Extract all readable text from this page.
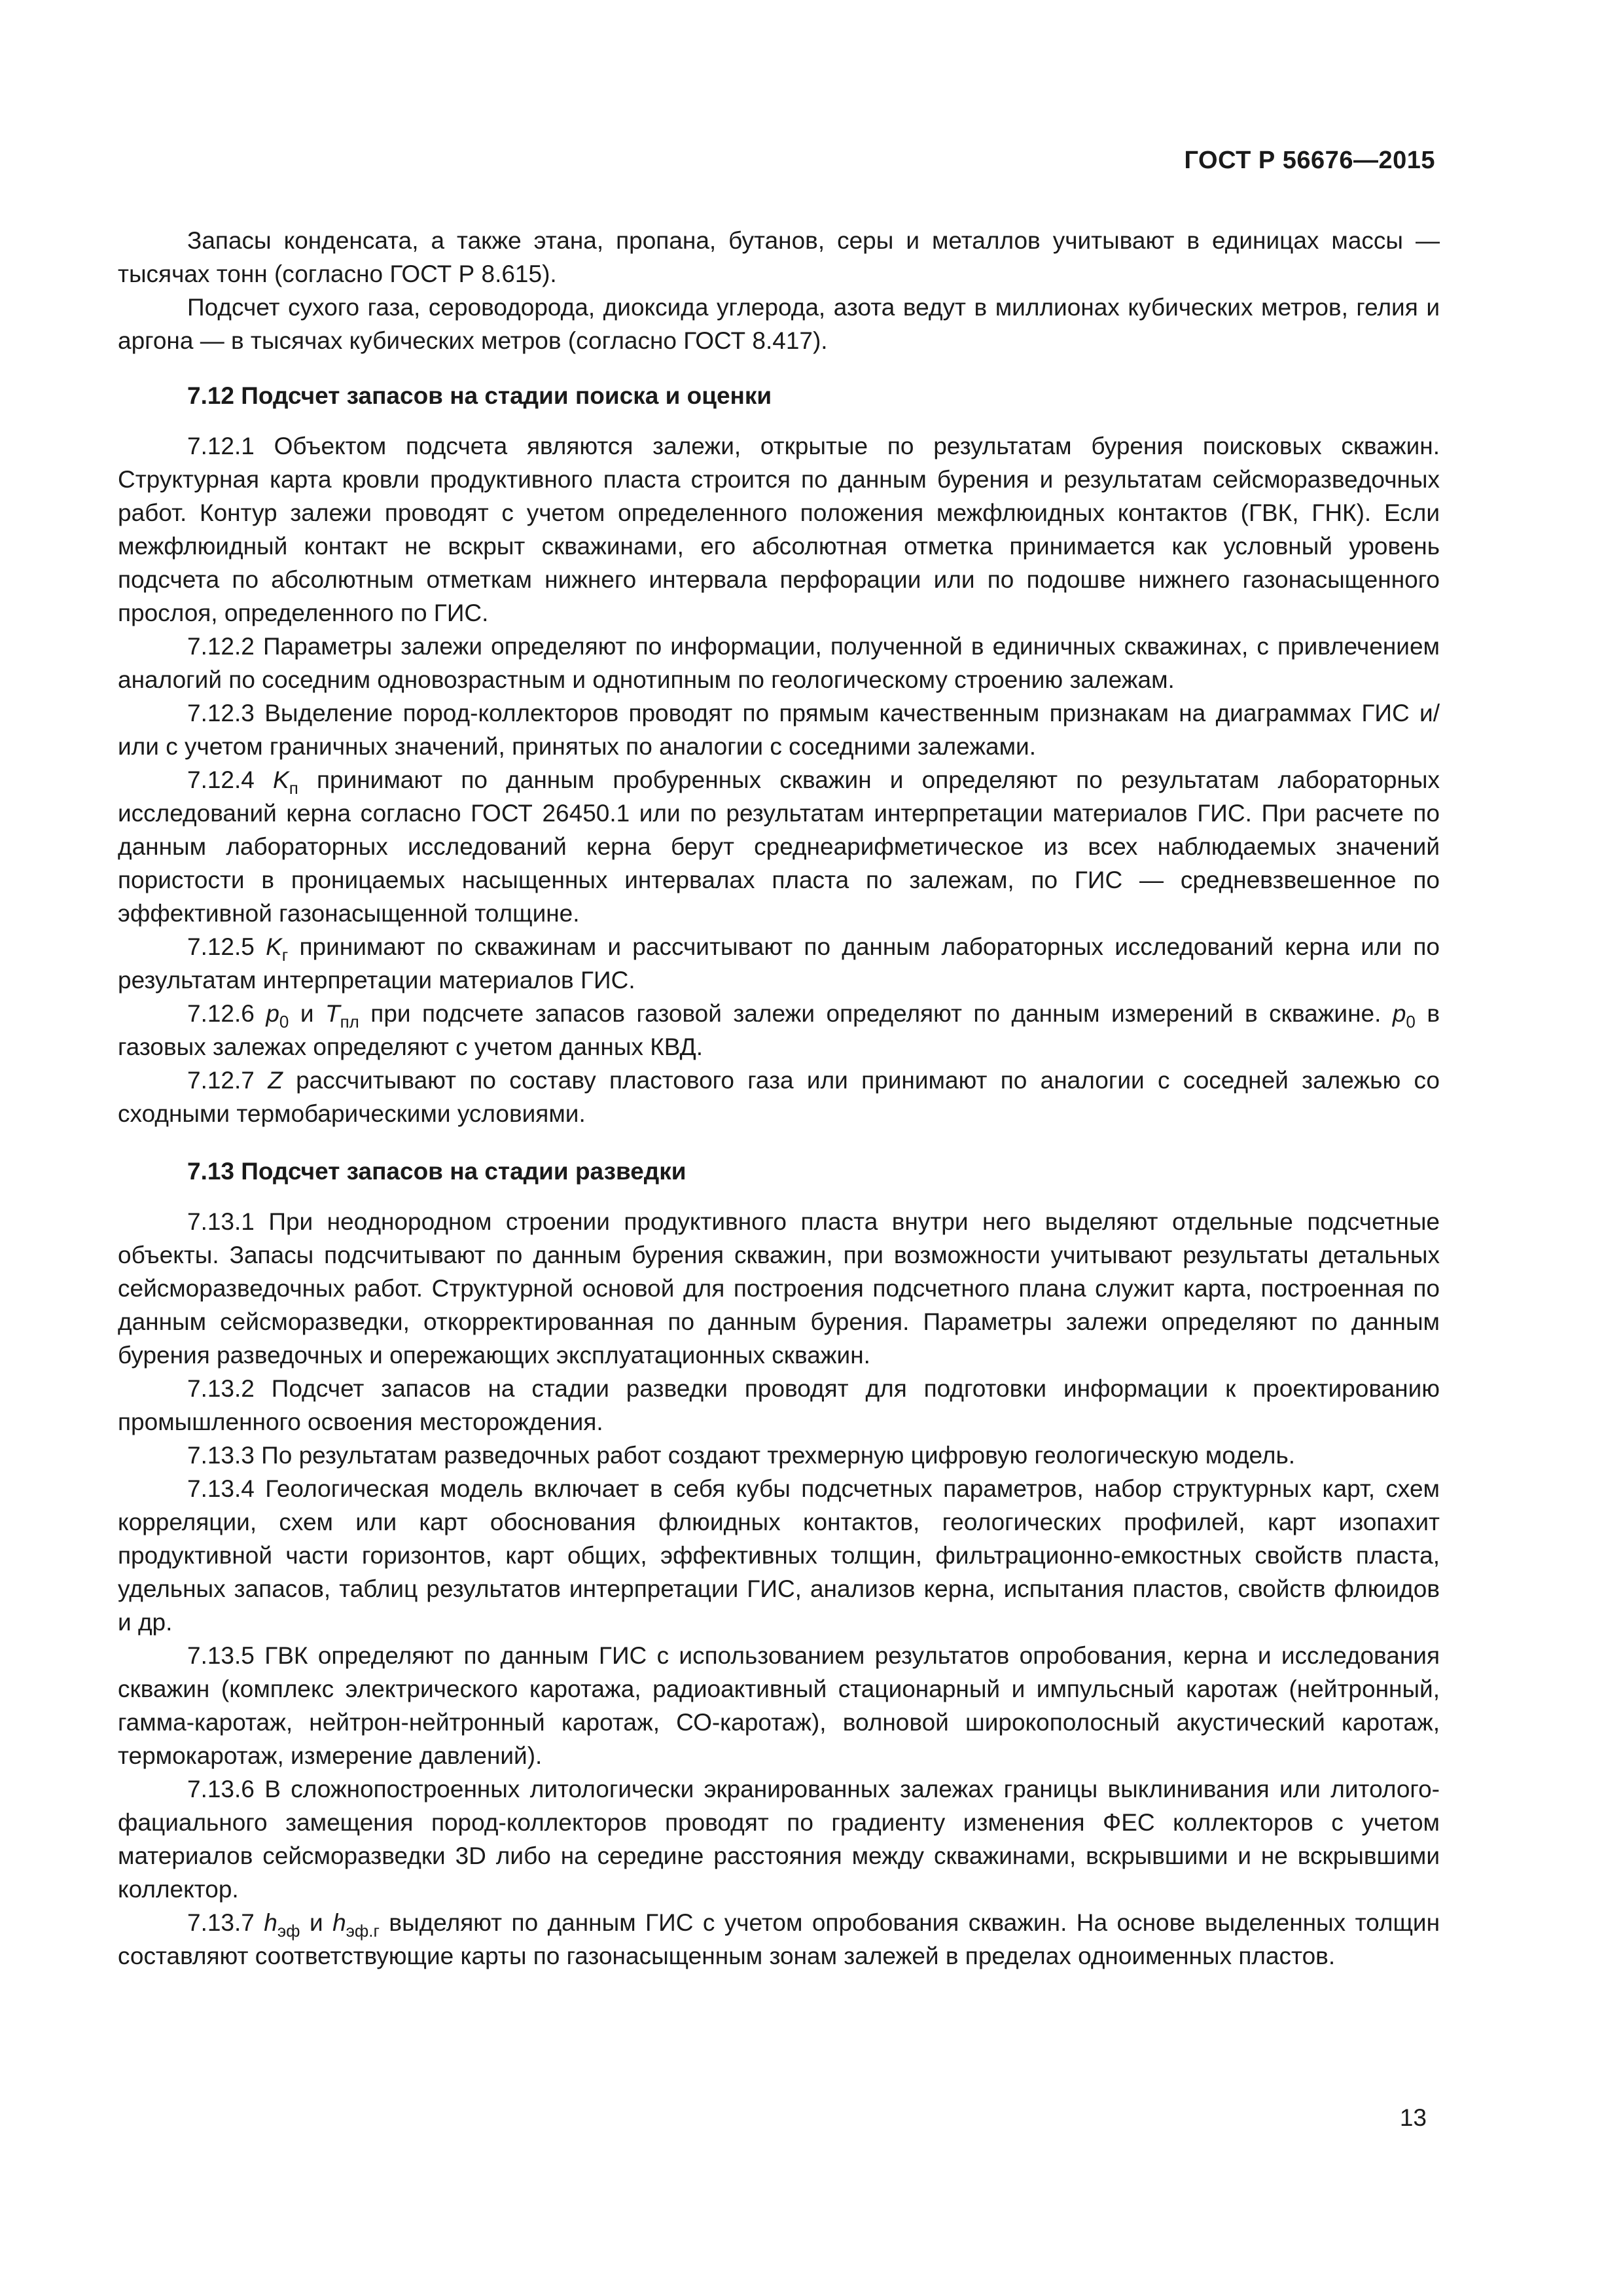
ГОСТ Р 56676—2015

Запасы конденсата, а также этана, пропана, бутанов, серы и металлов учитывают в единицах массы — тысячах тонн (согласно ГОСТ Р 8.615).

Подсчет сухого газа, сероводорода, диоксида углерода, азота ведут в миллионах кубических метров, гелия и аргона — в тысячах кубических метров (согласно ГОСТ 8.417).

7.12 Подсчет запасов на стадии поиска и оценки

7.12.1 Объектом подсчета являются залежи, открытые по результатам бурения поисковых скважин. Структурная карта кровли продуктивного пласта строится по данным бурения и результатам сейсморазведочных работ. Контур залежи проводят с учетом определенного положения межфлюидных контактов (ГВК, ГНК). Если межфлюидный контакт не вскрыт скважинами, его абсолютная отметка принимается как условный уровень подсчета по абсолютным отметкам нижнего интервала перфорации или по подошве нижнего газонасыщенного прослоя, определенного по ГИС.

7.12.2 Параметры залежи определяют по информации, полученной в единичных скважинах, с привлечением аналогий по соседним одновозрастным и однотипным по геологическому строению залежам.

7.12.3 Выделение пород-коллекторов проводят по прямым качественным признакам на диаграммах ГИС и/или с учетом граничных значений, принятых по аналогии с соседними залежами.

7.12.4 $K_п$ принимают по данным пробуренных скважин и определяют по результатам лабораторных исследований керна согласно ГОСТ 26450.1 или по результатам интерпретации материалов ГИС. При расчете по данным лабораторных исследований керна берут среднеарифметическое из всех наблюдаемых значений пористости в проницаемых насыщенных интервалах пласта по залежам, по ГИС — средневзвешенное по эффективной газонасыщенной толщине.

7.12.5 $K_г$ принимают по скважинам и рассчитывают по данным лабораторных исследований керна или по результатам интерпретации материалов ГИС.

7.12.6 $p_0$ и $T_{пл}$ при подсчете запасов газовой залежи определяют по данным измерений в скважине. $p_0$ в газовых залежах определяют с учетом данных КВД.

7.12.7 Z рассчитывают по составу пластового газа или принимают по аналогии с соседней залежью со сходными термобарическими условиями.

7.13 Подсчет запасов на стадии разведки

7.13.1 При неоднородном строении продуктивного пласта внутри него выделяют отдельные подсчетные объекты. Запасы подсчитывают по данным бурения скважин, при возможности учитывают результаты детальных сейсморазведочных работ. Структурной основой для построения подсчетного плана служит карта, построенная по данным сейсморазведки, откорректированная по данным бурения. Параметры залежи определяют по данным бурения разведочных и опережающих эксплуатационных скважин.

7.13.2 Подсчет запасов на стадии разведки проводят для подготовки информации к проектированию промышленного освоения месторождения.

7.13.3 По результатам разведочных работ создают трехмерную цифровую геологическую модель.

7.13.4 Геологическая модель включает в себя кубы подсчетных параметров, набор структурных карт, схем корреляции, схем или карт обоснования флюидных контактов, геологических профилей, карт изопахит продуктивной части горизонтов, карт общих, эффективных толщин, фильтрационно-емкостных свойств пласта, удельных запасов, таблиц результатов интерпретации ГИС, анализов керна, испытания пластов, свойств флюидов и др.

7.13.5 ГВК определяют по данным ГИС с использованием результатов опробования, керна и исследования скважин (комплекс электрического каротажа, радиоактивный стационарный и импульсный каротаж (нейтронный, гамма-каротаж, нейтрон-нейтронный каротаж, СО-каротаж), волновой широкополосный акустический каротаж, термокаротаж, измерение давлений).

7.13.6 В сложнопостроенных литологически экранированных залежах границы выклинивания или литолого-фациального замещения пород-коллекторов проводят по градиенту изменения ФЕС коллекторов с учетом материалов сейсморазведки 3D либо на середине расстояния между скважинами, вскрывшими и не вскрывшими коллектор.

7.13.7 $h_{эф}$ и $h_{эф.г}$ выделяют по данным ГИС с учетом опробования скважин. На основе выделенных толщин составляют соответствующие карты по газонасыщенным зонам залежей в пределах одноименных пластов.

13
